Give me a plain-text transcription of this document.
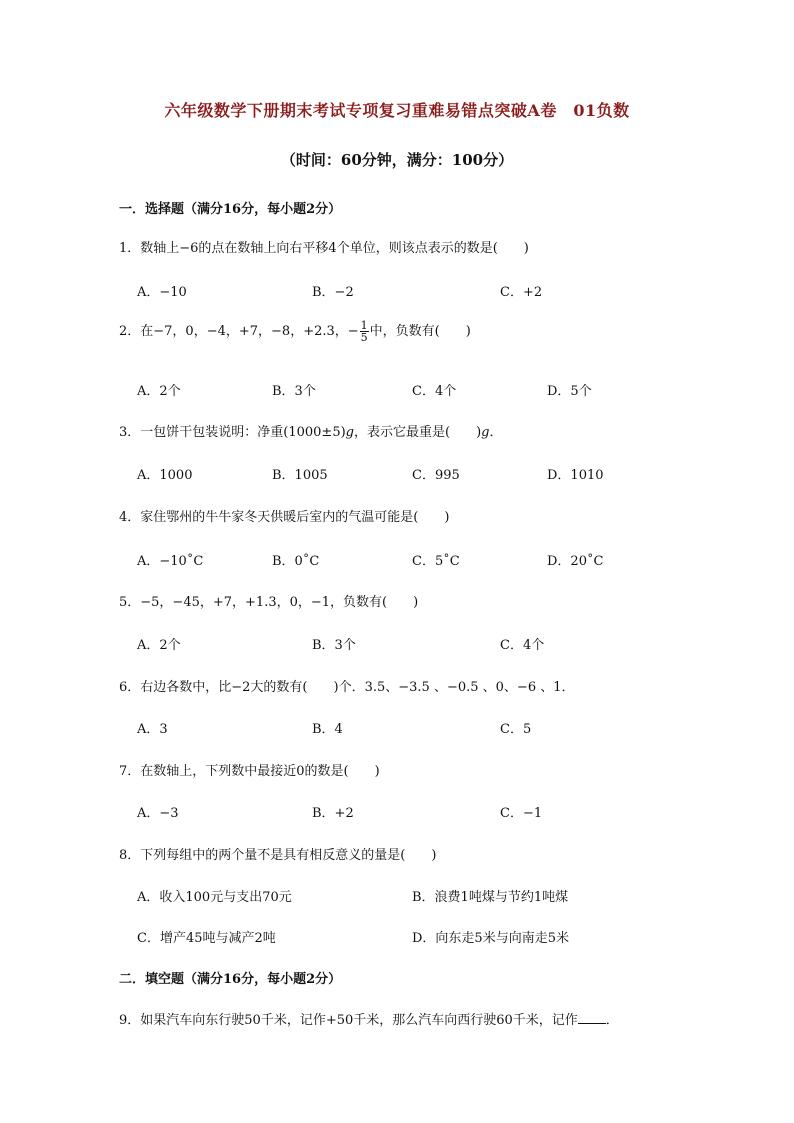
六年级数学下册期末考试专项复习重难易错点突破A卷　01负数
（时间：60分钟，满分：100分）
一．选择题（满分16分，每小题2分）
1．数轴上−6的点在数轴上向右平移4个单位，则该点表示的数是(　　)
A．−10	B．−2	C．+2
2．在−7，0，−4，+7，−8，+2.3，− $\frac{1}{5}$ 中，负数有(　　)
A．2个	B．3个	C．4个	D．5个
3．一包饼干包装说明：净重(1000±5)g，表示它最重是(　　)g．
A．1000	B．1005	C．995	D．1010
4．家住鄂州的牛牛家冬天供暖后室内的气温可能是(　　)
A．−10˚C	B．0˚C	C．5˚C	D．20˚C
5．−5，−45，+7，+1.3，0，−1，负数有(　　)
A．2个	B．3个	C．4个
6．右边各数中，比−2大的数有(　　)个．3.5、−3.5 、−0.5 、0、−6 、1．
A．3	B．4	C．5
7．在数轴上，下列数中最接近0的数是(　　)
A．−3	B．+2	C．−1
8．下列每组中的两个量不是具有相反意义的量是(　　)
A．收入100元与支出70元	B．浪费1吨煤与节约1吨煤
C．增产45吨与减产2吨	D．向东走5米与向南走5米
二．填空题（满分16分，每小题2分）
9．如果汽车向东行驶50千米，记作+50千米，那么汽车向西行驶60千米，记作 ．
